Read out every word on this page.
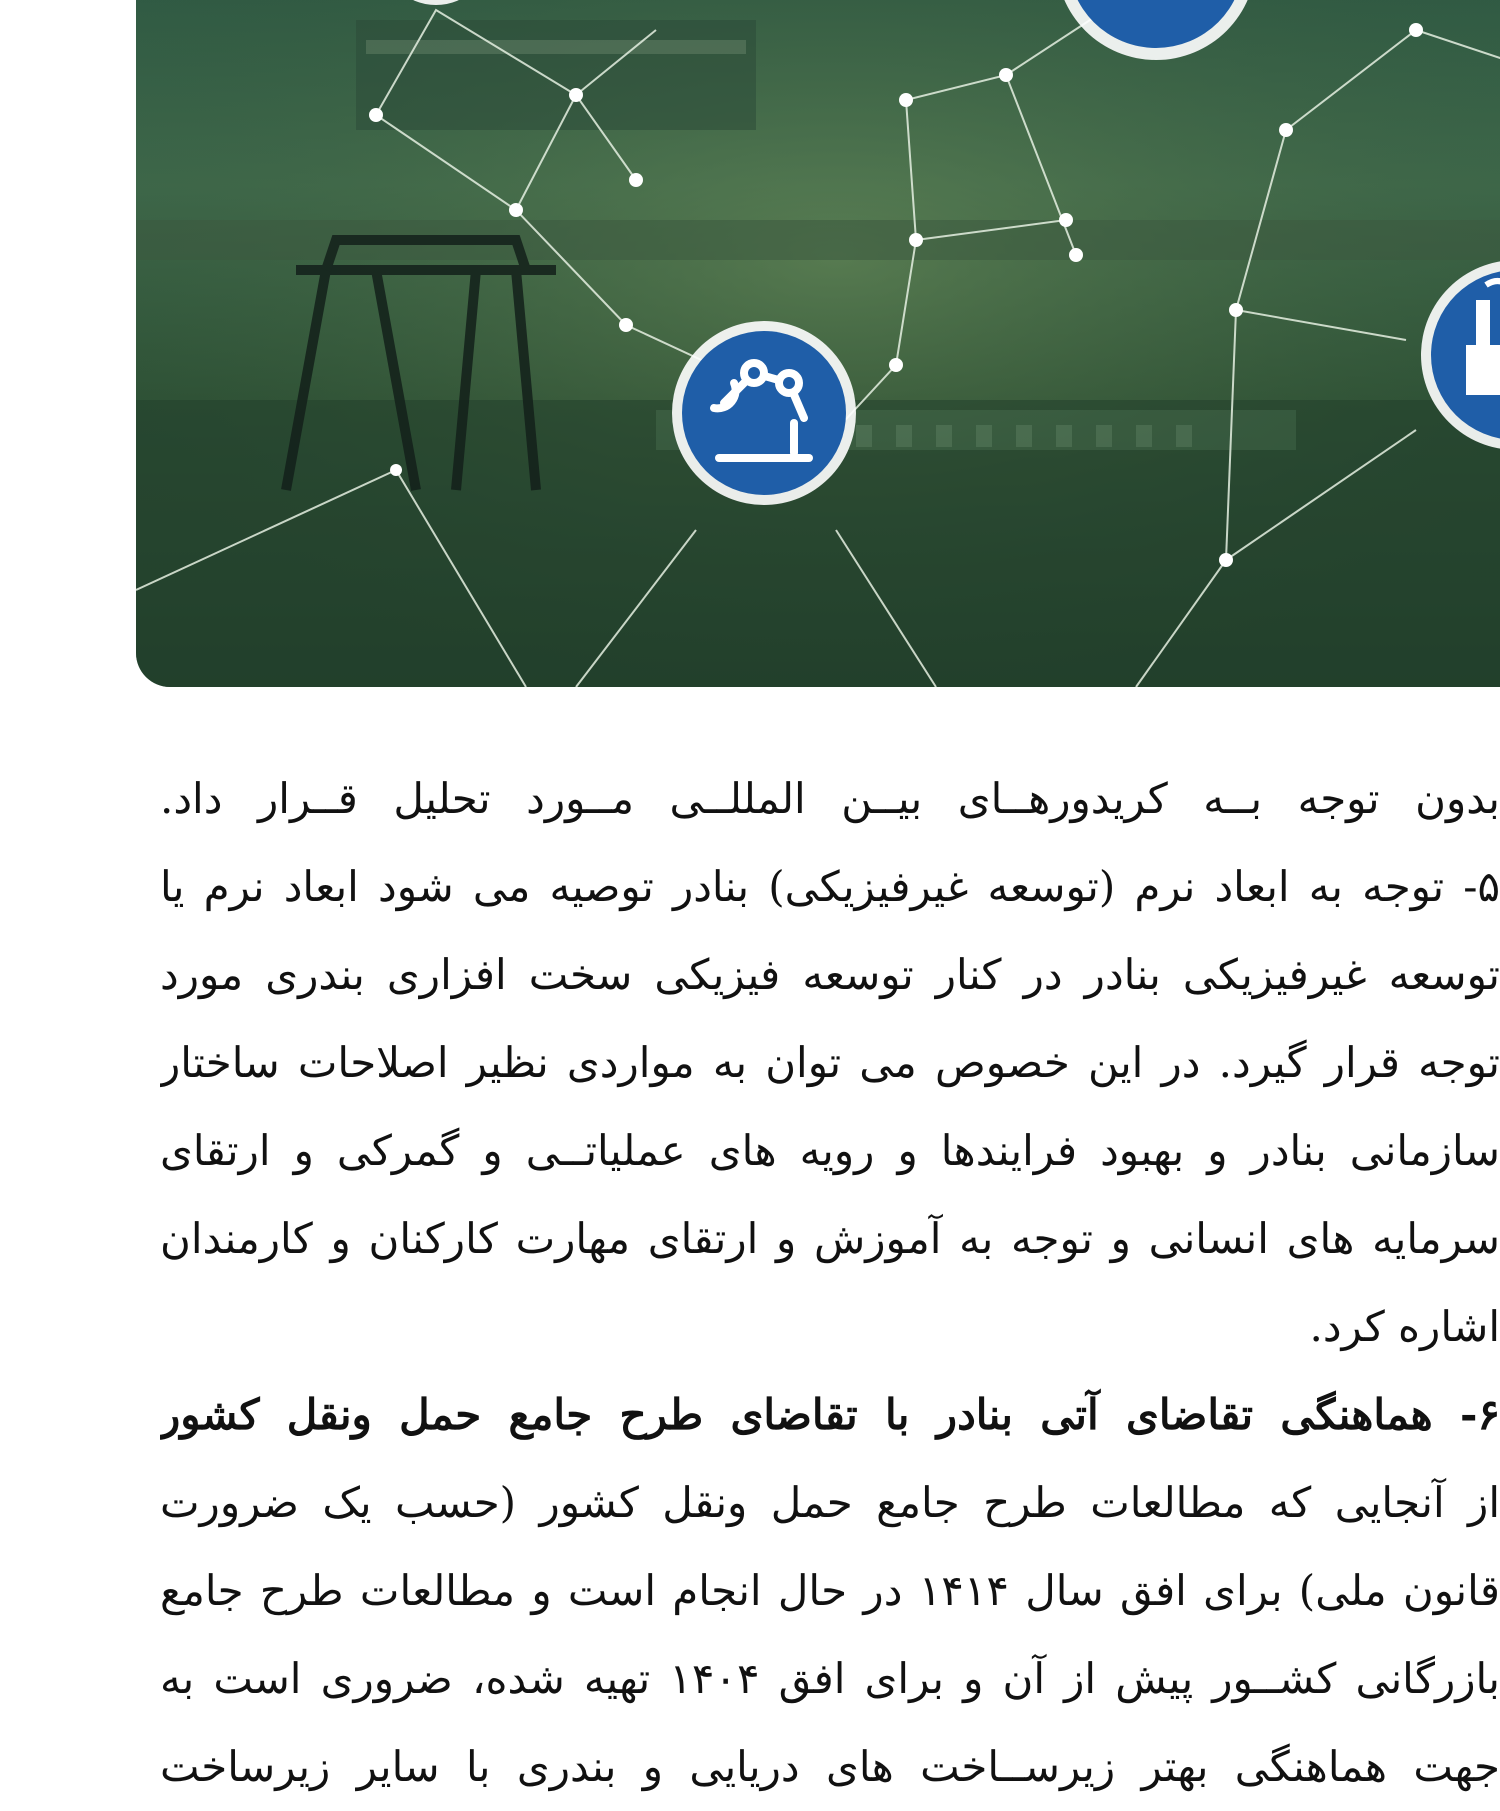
بدون توجه بــه کریدورهــای بیــن المللــی مــورد تحلیل قــرار داد.
۵- توجه به ابعاد نرم (توسعه غیرفیزیکی) بنادر توصیه می شود ابعاد نرم یا
توسعه غیرفیزیکی بنادر در کنار توسعه فیزیکی سخت افزاری بندری مورد
توجه قرار گیرد. در این خصوص می توان به مواردی نظیر اصلاحات ساختار
سازمانی بنادر و بهبود فرایندها و رویه های عملیاتــی و گمرکی و ارتقای
سرمایه های انسانی و توجه به آموزش و ارتقای مهارت کارکنان و کارمندان
اشاره کرد.
۶- هماهنگی تقاضای آتی بنادر با تقاضای طرح جامع حمل ونقل کشور
از آنجایی که مطالعات طرح جامع حمل ونقل کشور (حسب یک ضرورت
قانون ملی) برای افق سال ۱۴۱۴ در حال انجام است و مطالعات طرح جامع
بازرگانی کشــور پیش از آن و برای افق ۱۴۰۴ تهیه شده، ضروری است به
جهت هماهنگی بهتر زیرســاخت های دریایی و بندری با سایر زیرساخت
